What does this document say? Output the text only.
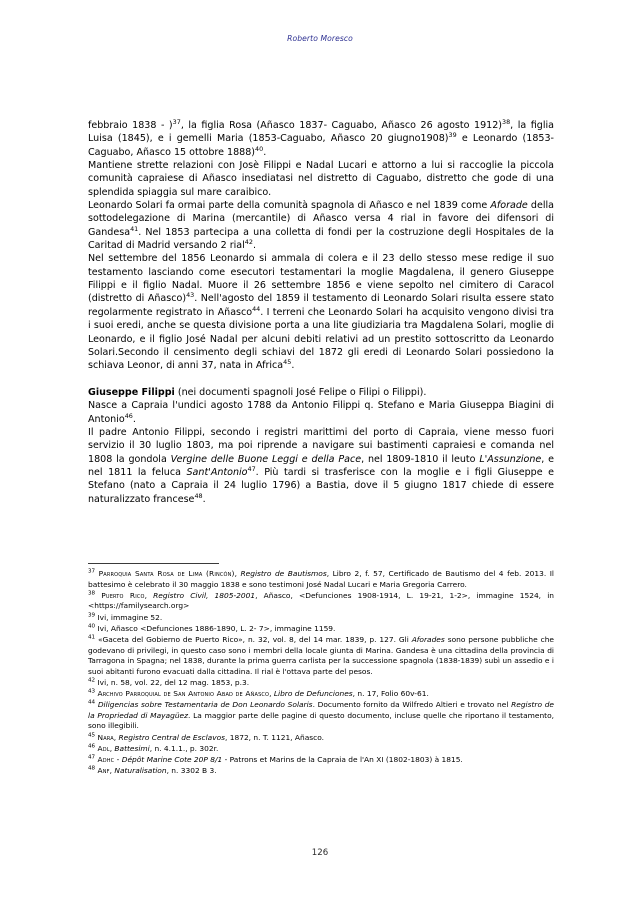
Roberto Moresco

febbraio 1838 - )$^{37}$, la figlia Rosa (Añasco 1837- Caguabo, Añasco 26 agosto 1912)$^{38}$, la figlia Luisa (1845), e i gemelli Maria (1853-Caguabo, Añasco 20 giugno1908)$^{39}$ e Leonardo (1853- Caguabo, Añasco 15 ottobre 1888)$^{40}$.

Mantiene strette relazioni con Josè Filippi e Nadal Lucari e attorno a lui si raccoglie la piccola comunità capraiese di Añasco insediatasi nel distretto di Caguabo, distretto che gode di una splendida spiaggia sul mare caraibico.

Leonardo Solari fa ormai parte della comunità spagnola di Añasco e nel 1839 come Aforade della sottodelegazione di Marina (mercantile) di Añasco versa 4 rial in favore dei difensori di Gandesa$^{41}$. Nel 1853 partecipa a una colletta di fondi per la costruzione degli Hospitales de la Caritad di Madrid versando 2 rial$^{42}$.

Nel settembre del 1856 Leonardo si ammala di colera e il 23 dello stesso mese redige il suo testamento lasciando come esecutori testamentari la moglie Magdalena, il genero Giuseppe Filippi e il figlio Nadal. Muore il 26 settembre 1856 e viene sepolto nel cimitero di Caracol (distretto di Añasco)$^{43}$. Nell'agosto del 1859 il testamento di Leonardo Solari risulta essere stato regolarmente registrato in Añasco$^{44}$. I terreni che Leonardo Solari ha acquisito vengono divisi tra i suoi eredi, anche se questa divisione porta a una lite giudiziaria tra Magdalena Solari, moglie di Leonardo, e il figlio José Nadal per alcuni debiti relativi ad un prestito sottoscritto da Leonardo Solari.Secondo il censimento degli schiavi del 1872 gli eredi di Leonardo Solari possiedono la schiava Leonor, di anni 37, nata in Africa$^{45}$.

Giuseppe Filippi (nei documenti spagnoli José Felipe o Filipi o Filippi).

Nasce a Capraia l'undici agosto 1788 da Antonio Filippi q. Stefano e Maria Giuseppa Biagini di Antonio$^{46}$.

Il padre Antonio Filippi, secondo i registri marittimi del porto di Capraia, viene messo fuori servizio il 30 luglio 1803, ma poi riprende a navigare sui bastimenti capraiesi e comanda nel 1808 la gondola Vergine delle Buone Leggi e della Pace, nel 1809-1810 il leuto L'Assunzione, e nel 1811 la feluca Sant'Antonio$^{47}$. Più tardi si trasferisce con la moglie e i figli Giuseppe e Stefano (nato a Capraia il 24 luglio 1796) a Bastia, dove il 5 giugno 1817 chiede di essere naturalizzato francese$^{48}$.

$^{37}$ Parroquia Santa Rosa de Lima (Rincón), Registro de Bautismos, Libro 2, f. 57, Certificado de Bautismo del 4 feb. 2013. Il battesimo è celebrato il 30 maggio 1838 e sono testimoni José Nadal Lucari e Maria Gregoria Carrero.

$^{38}$ Puerto Rico, Registro Civil, 1805-2001, Añasco, <Defunciones 1908-1914, L. 19-21, 1-2>, immagine 1524, in <https://familysearch.org>

$^{39}$ Ivi, immagine 52.

$^{40}$ Ivi, Añasco <Defunciones 1886-1890, L. 2- 7>, immagine 1159.

$^{41}$ «Gaceta del Gobierno de Puerto Rico», n. 32, vol. 8, del 14 mar. 1839, p. 127. Gli Aforades sono persone pubbliche che godevano di privilegi, in questo caso sono i membri della locale giunta di Marina. Gandesa è una cittadina della provincia di Tarragona in Spagna; nel 1838, durante la prima guerra carlista per la successione spagnola (1838-1839) subì un assedio e i suoi abitanti furono evacuati dalla cittadina. Il rial è l'ottava parte del pesos.

$^{42}$ Ivi, n. 58, vol. 22, del 12 mag. 1853, p.3.

$^{43}$ Archivo Parroquial de San Antonio Abad de Añasco, Libro de Defunciones, n. 17, Folio 60v-61.

$^{44}$ Diligencias sobre Testamentaria de Don Leonardo Solaris. Documento fornito da Wilfredo Altieri e trovato nel Registro de la Propriedad di Mayagüez. La maggior parte delle pagine di questo documento, incluse quelle che riportano il testamento, sono illegibili.

$^{45}$ Nara, Registro Central de Esclavos, 1872, n. T. 1121, Añasco.

$^{46}$ Adl, Battesimi, n. 4.1.1., p. 302r.

$^{47}$ Adhc - Dépôt Marine Cote 20P 8/1 - Patrons et Marins de la Capraia de l'An XI (1802-1803) à 1815.

$^{48}$ Anf, Naturalisation, n. 3302 B 3.

126
